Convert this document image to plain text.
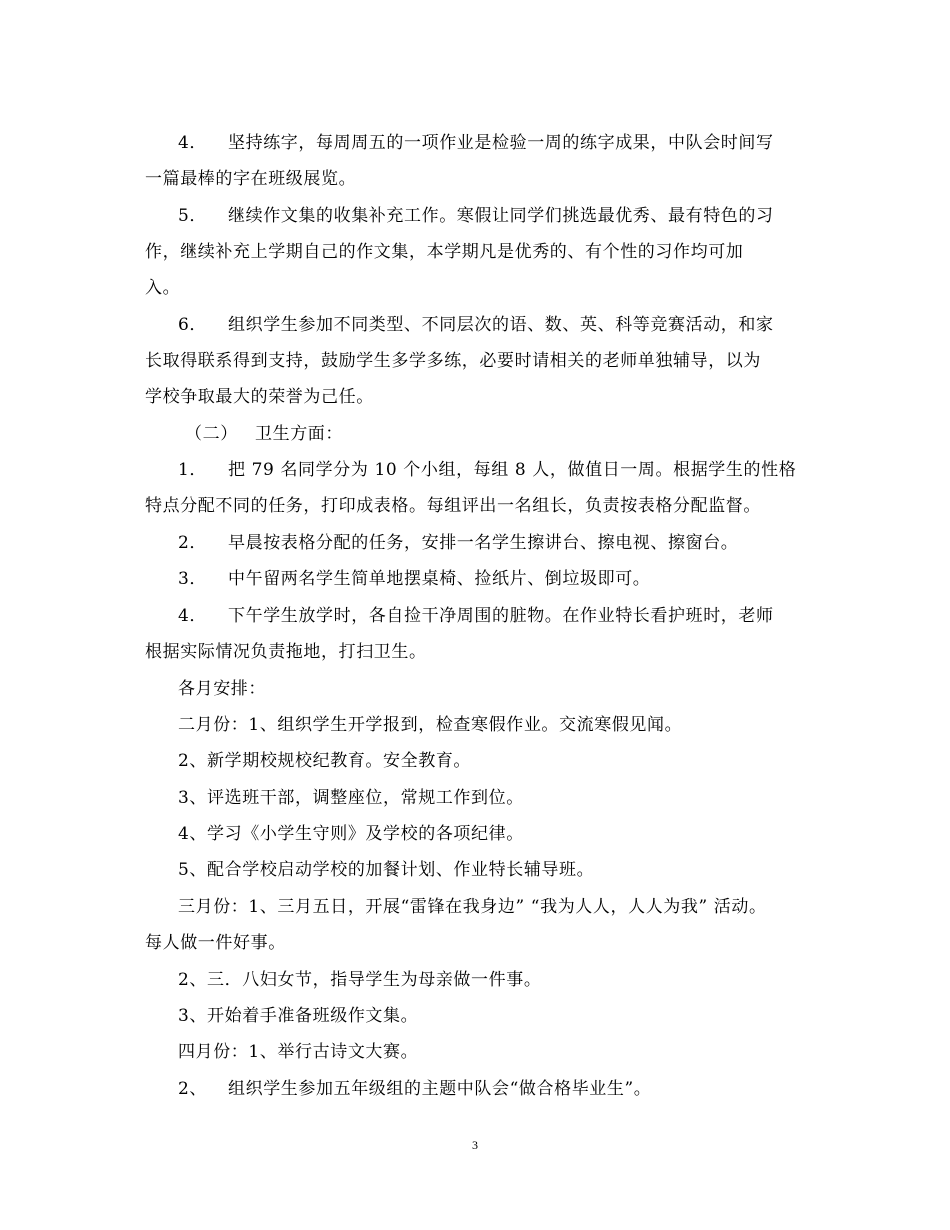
4． 坚持练字，每周周五的一项作业是检验一周的练字成果，中队会时间写
一篇最棒的字在班级展览。
5． 继续作文集的收集补充工作。寒假让同学们挑选最优秀、最有特色的习
作，继续补充上学期自己的作文集，本学期凡是优秀的、有个性的习作均可加
入。
6． 组织学生参加不同类型、不同层次的语、数、英、科等竞赛活动，和家
长取得联系得到支持，鼓励学生多学多练，必要时请相关的老师单独辅导，以为
学校争取最大的荣誉为己任。
（二） 卫生方面：
1． 把 79 名同学分为 10 个小组，每组 8 人，做值日一周。根据学生的性格
特点分配不同的任务，打印成表格。每组评出一名组长，负责按表格分配监督。
2． 早晨按表格分配的任务，安排一名学生擦讲台、擦电视、擦窗台。
3． 中午留两名学生简单地摆桌椅、捡纸片、倒垃圾即可。
4． 下午学生放学时，各自捡干净周围的脏物。在作业特长看护班时，老师
根据实际情况负责拖地，打扫卫生。
各月安排：
二月份：1、组织学生开学报到，检查寒假作业。交流寒假见闻。
2、新学期校规校纪教育。安全教育。
3、评选班干部，调整座位，常规工作到位。
4、学习《小学生守则》及学校的各项纪律。
5、配合学校启动学校的加餐计划、作业特长辅导班。
三月份：1、三月五日，开展“雷锋在我身边” “我为人人，人人为我” 活动。
每人做一件好事。
2、三．八妇女节，指导学生为母亲做一件事。
3、开始着手准备班级作文集。
四月份：1、举行古诗文大赛。
2、 组织学生参加五年级组的主题中队会“做合格毕业生”。
3
